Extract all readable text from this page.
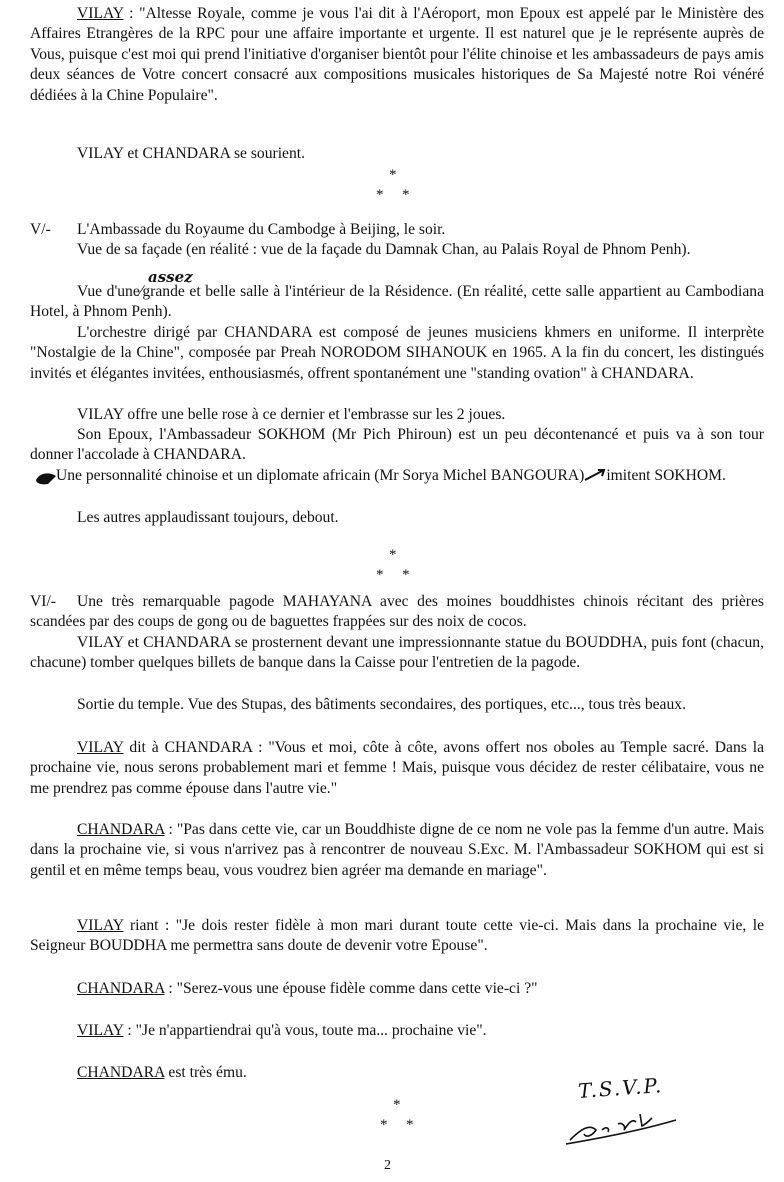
VILAY : "Altesse Royale, comme je vous l'ai dit à l'Aéroport, mon Epoux est appelé par le Ministère des Affaires Etrangères de la RPC pour une affaire importante et urgente. Il est naturel que je le représente auprès de Vous, puisque c'est moi qui prend l'initiative d'organiser bientôt pour l'élite chinoise et les ambassadeurs de pays amis deux séances de Votre concert consacré aux compositions musicales historiques de Sa Majesté notre Roi vénéré dédiées à la Chine Populaire".

VILAY et CHANDARA se sourient.

*
* *
V/- L'Ambassade du Royaume du Cambodge à Beijing, le soir.

Vue de sa façade (en réalité : vue de la façade du Damnak Chan, au Palais Royal de Phnom Penh).

assez

Vue d'une⁄grande et belle salle à l'intérieur de la Résidence. (En réalité, cette salle appartient au Cambodiana Hotel, à Phnom Penh).

L'orchestre dirigé par CHANDARA est composé de jeunes musiciens khmers en uniforme. Il interprète "Nostalgie de la Chine", composée par Preah NORODOM SIHANOUK en 1965. A la fin du concert, les distingués invités et élégantes invitées, enthousiasmés, offrent spontanément une "standing ovation" à CHANDARA.

VILAY offre une belle rose à ce dernier et l'embrasse sur les 2 joues.

Son Epoux, l'Ambassadeur SOKHOM (Mr Pich Phiroun) est un peu décontenancé et puis va à son tour donner l'accolade à CHANDARA.

Une personnalité chinoise et un diplomate africain (Mr Sorya Michel BANGOURA) imitent SOKHOM.

Les autres applaudissant toujours, debout.

*
* *
VI/-	Une très remarquable pagode MAHAYANA avec des moines bouddhistes chinois récitant des prières scandées par des coups de gong ou de baguettes frappées sur des noix de cocos.

VILAY et CHANDARA se prosternent devant une impressionnante statue du BOUDDHA, puis font (chacun, chacune) tomber quelques billets de banque dans la Caisse pour l'entretien de la pagode.

Sortie du temple. Vue des Stupas, des bâtiments secondaires, des portiques, etc..., tous très beaux.

VILAY dit à CHANDARA : "Vous et moi, côte à côte, avons offert nos oboles au Temple sacré. Dans la prochaine vie, nous serons probablement mari et femme ! Mais, puisque vous décidez de rester célibataire, vous ne me prendrez pas comme épouse dans l'autre vie."

CHANDARA : "Pas dans cette vie, car un Bouddhiste digne de ce nom ne vole pas la femme d'un autre. Mais dans la prochaine vie, si vous n'arrivez pas à rencontrer de nouveau S.Exc. M. l'Ambassadeur SOKHOM qui est si gentil et en même temps beau, vous voudrez bien agréer ma demande en mariage".

VILAY riant : "Je dois rester fidèle à mon mari durant toute cette vie-ci. Mais dans la prochaine vie, le Seigneur BOUDDHA me permettra sans doute de devenir votre Epouse".

CHANDARA : "Serez-vous une épouse fidèle comme dans cette vie-ci ?"

VILAY : "Je n'appartiendrai qu'à vous, toute ma... prochaine vie".

CHANDARA est très ému.

*
* *
T.S.V.P.
2
